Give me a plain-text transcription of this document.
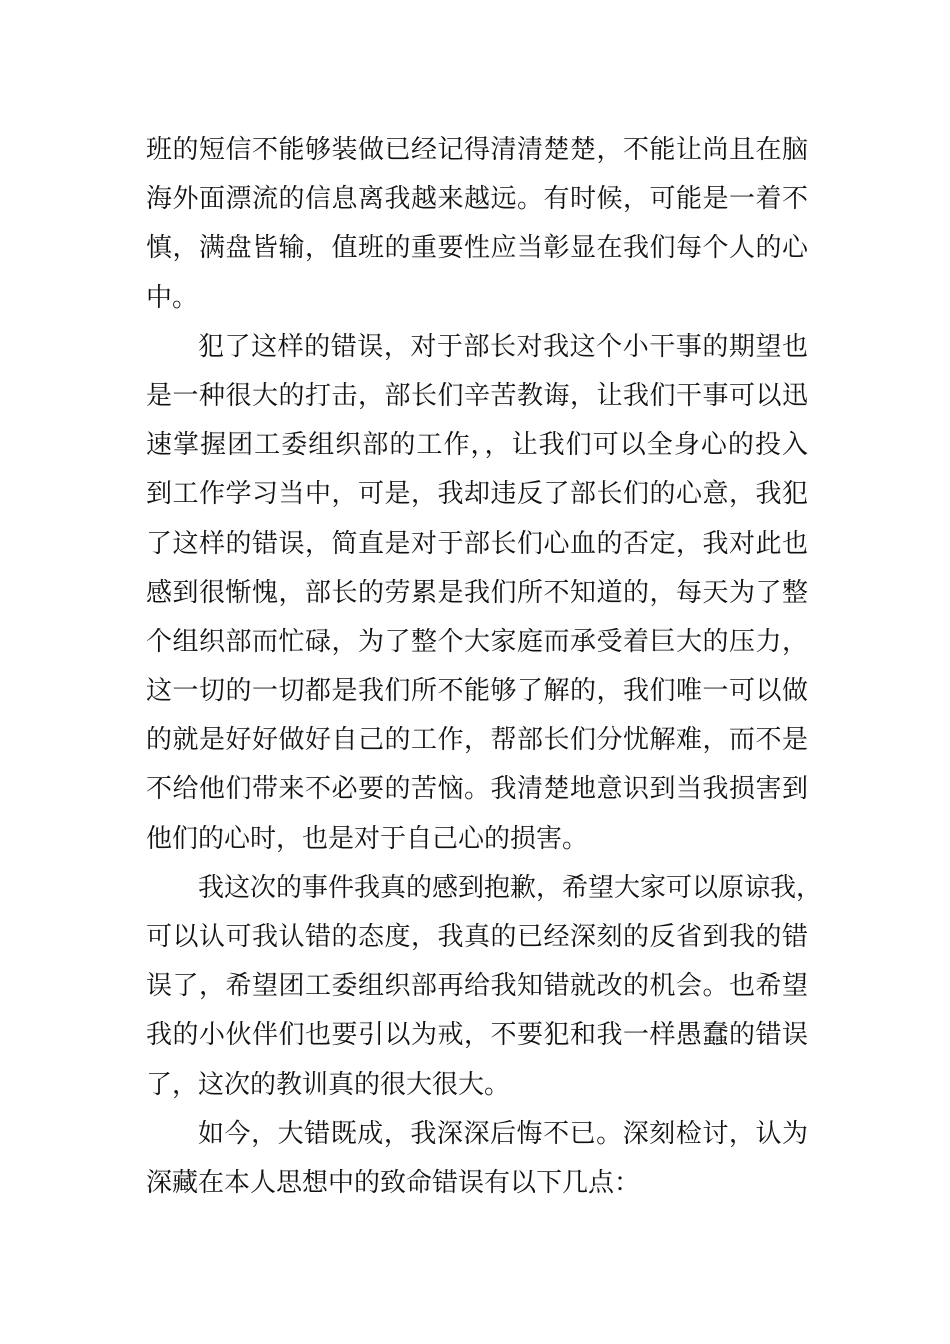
班的短信不能够装做已经记得清清楚楚，不能让尚且在脑
海外面漂流的信息离我越来越远。有时候，可能是一着不
慎，满盘皆输，值班的重要性应当彰显在我们每个人的心
中。
犯了这样的错误，对于部长对我这个小干事的期望也
是一种很大的打击，部长们辛苦教诲，让我们干事可以迅
速掌握团工委组织部的工作，，让我们可以全身心的投入
到工作学习当中，可是，我却违反了部长们的心意，我犯
了这样的错误，简直是对于部长们心血的否定，我对此也
感到很惭愧，部长的劳累是我们所不知道的，每天为了整
个组织部而忙碌，为了整个大家庭而承受着巨大的压力，
这一切的一切都是我们所不能够了解的，我们唯一可以做
的就是好好做好自己的工作，帮部长们分忧解难，而不是
不给他们带来不必要的苦恼。我清楚地意识到当我损害到
他们的心时，也是对于自己心的损害。
我这次的事件我真的感到抱歉，希望大家可以原谅我，
可以认可我认错的态度，我真的已经深刻的反省到我的错
误了，希望团工委组织部再给我知错就改的机会。也希望
我的小伙伴们也要引以为戒，不要犯和我一样愚蠢的错误
了，这次的教训真的很大很大。
如今，大错既成，我深深后悔不已。深刻检讨，认为
深藏在本人思想中的致命错误有以下几点：
